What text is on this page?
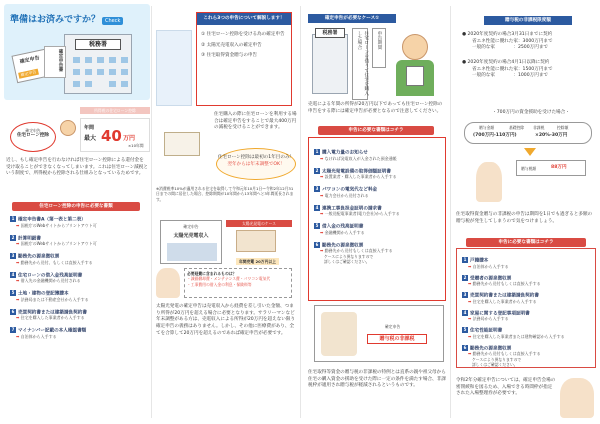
準備はお済みですか？ Check
税務署
確定申告
確定申告
確定申告書
確定申告
住宅ローン控除
所得税の住宅ローン控除
年間
最大 40 万円
×10年間
近し、もし確定申告を行わなければ住宅ローン控除による還付金を受け取ることができなくなってしまいます。これは住宅ローン減税という制度で、所得税から控除される仕組みとなっているためです。
住宅ローン控除の申告に必要な書類
1 確定申告書A（第一表と第二表）
➡ 国税庁のWebサイトからプリントアウト可
2 計算明細書
➡ 国税庁のWebサイトからプリントアウト可
3 勤務先の源泉徴収票
➡ 勤務先から送付、もしくは直接入手する
4 住宅ローンの借入金残高証明書
➡ 借入先の金融機関から送付される
5 土地・建物の登記簿謄本
➡ 法務局または不動産会社から入手する
6 売買契約書または建築請負契約書
➡ 住宅を購入した事業者から入手する
7 マイナンバー記載の本人確認書類
➡ 自治体から入手する
これら3つの申告について解説します！
① 住宅ローン控除を受ける為の確定申告
② 太陽光売電収入の確定申告
③ 住宅取得資金贈与の申告
住宅購入の際に住宅ローンを利用する場合は確定申告をすることで最大400万円の減税を受けることができます。
住宅ローン控除は最初の1年目のみ！
翌年からは年末調整でOK！
※消費税率10%が適用される住宅を取得して令和元年10月1日～令和2年12月31日までの間に居住した場合、控除期間が10年間から13年間へと3年間延長されます。
確定申告
太陽光売電収入
太陽光発電のケース
年間売電 20万円以上
必要経費に含まれるものは？
・減価償却費・メンテナンス費・パワコン電気代
・工事費用の借入金の利息・保険料等
太陽光発電の確定申告は売電収入から経費を差し引いた金額、つまり所得が20万円を超える場合に必要となります。サラリーマンなど年末調整がある方は、売電収入による所得が20万円を超えない限り確定申告の義務はありません。しかし、その他に医療費があり、全てを合算して20万円を超えるのであれば確定申告が必要です。
確定申告が必要なケース①
税務署	住宅ローンを借りて住宅を購入した場合	申告期間
売電による年間の所得が20万円以下であっても住宅ローン控除の申告をする際には確定申告が必要となるので注意してください。
申告に必要な書類はコチラ
1 購入電力量のお知らせ
➡ なければ発電収入が入金された預金通帳
2 太陽光発電設備の取得価額証明書
➡ 設置業者・購入した事業者から入手する
3 パワコンの電気代など料金
➡ 電力会社から送付される
4 連携工事負担金証明の請求書
➡ 一般送配電事業者(電力会社)から入手する
5 借入金の残高証明書
➡ 金融機関から入手する
6 勤務先の源泉徴収票
➡ 勤務先から送付もしくは直接入手する
ケースにより異なりますので
詳しくはご確認ください。
確定申告
贈与税の非課税
住宅取得等資金の贈与税の非課税の特例とは直系の親や祖父母から住宅の購入資金の援助を受けた際に一定の条件を満たす場合、非課税枠が適用され贈与税が軽減されるというものです。
贈与税の非課税限度額
● 2020年度契約の場合3月31日までに契約
省エネ性能に優れた家：3000万円まで
一般的な家　　　　：2500万円まで
● 2020年度契約の場合4月1日以降に契約
省エネ性能に優れた家：1500万円まで
一般的な家　　　　：1000万円まで
・700万円の資金援助を受けた場合・
贈与金額	基礎控除 非課税	控除額
(700万円-110万円)	×20%-30万円
贈与税額	88万円
住宅取得資金贈与の非課税の申告は期間を1日でも過ぎると多額の贈与税が発生してしまうので気をつけましょう。
申告に必要な書類はコチラ
1 戸籍謄本
➡ 自治体から入手する
2 受贈者の源泉徴収票
➡ 勤務先から送付もしくは直接入手する
3 売買契約書または建築請負契約書
➡ 住宅を購入した事業者から入手する
4 家屋に関する登記事項証明書
➡ 法務局から入手する
5 住宅性能証明書
➡ 住宅を購入した事業者または建物確認から入手する
6 勤務先の源泉徴収票
➡ 勤務先から送付もしくは直接入手する
ケースにより異なりますので
詳しくはご確認ください。
令和2年分確定申告については、確定申告会場の密閉緩和を図るため、入場できる時間枠が指定された入場整理券が必要です。
